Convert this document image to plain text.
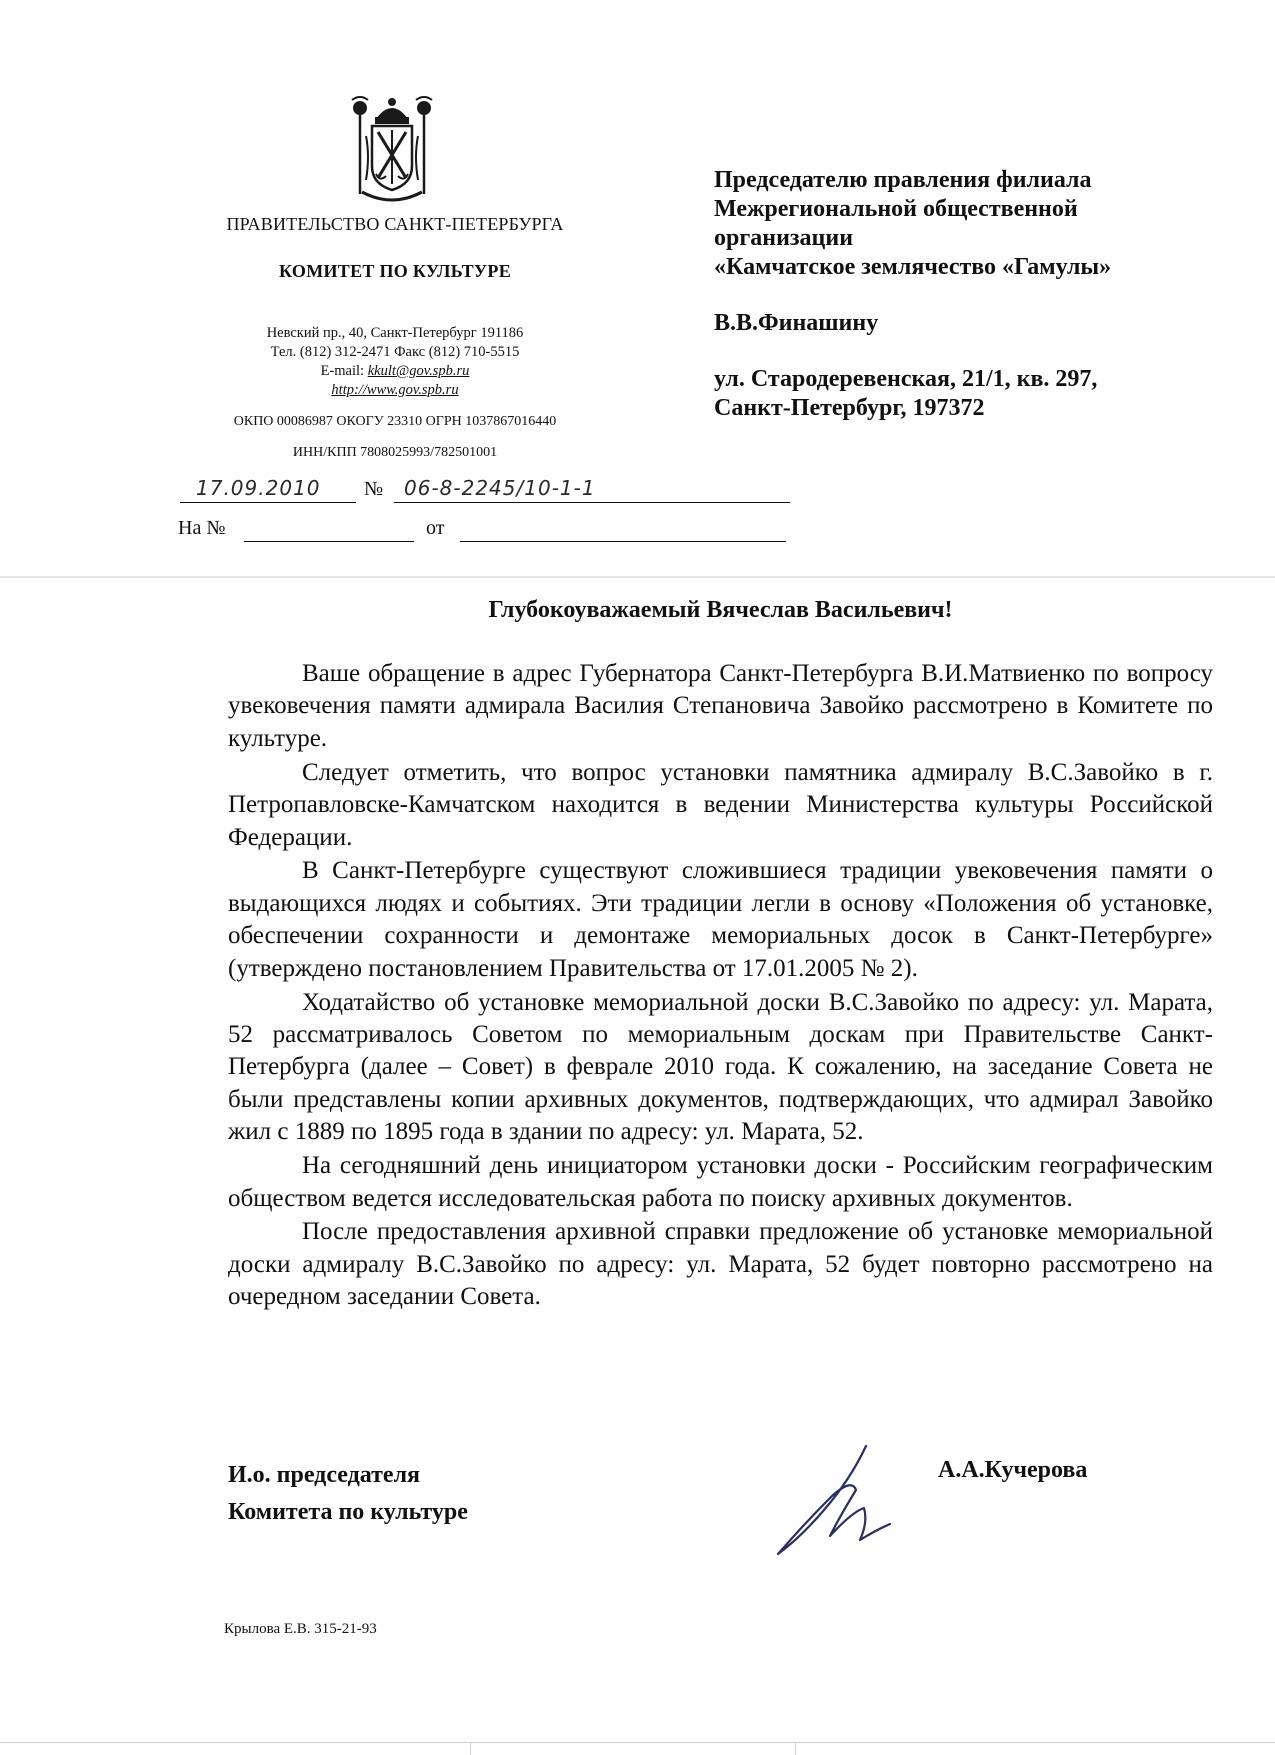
ПРАВИТЕЛЬСТВО САНКТ-ПЕТЕРБУРГА
КОМИТЕТ ПО КУЛЬТУРЕ
Невский пр., 40, Санкт-Петербург 191186
Тел. (812) 312-2471 Факс (812) 710-5515
E-mail: kkult@gov.spb.ru
http://www.gov.spb.ru
ОКПО 00086987 ОКОГУ 23310 ОГРН 1037867016440
ИНН/КПП 7808025993/782501001
17.09.2010 № 06-8-2245/10-1-1
На №	от

Председателю правления филиала

Межрегиональной общественной

организации

«Камчатское землячество «Гамулы»

В.В.Финашину

ул. Стародеревенская, 21/1, кв. 297,

Санкт-Петербург, 197372

Глубокоуважаемый Вячеслав Васильевич!

Ваше обращение в адрес Губернатора Санкт-Петербурга В.И.Матвиенко по вопросу увековечения памяти адмирала Василия Степановича Завойко рассмотрено в Комитете по культуре.

Следует отметить, что вопрос установки памятника адмиралу В.С.Завойко в г. Петропавловске-Камчатском находится в ведении Министерства культуры Российской Федерации.

В Санкт-Петербурге существуют сложившиеся традиции увековечения памяти о выдающихся людях и событиях. Эти традиции легли в основу «Положения об установке, обеспечении сохранности и демонтаже мемориальных досок в Санкт-Петербурге» (утверждено постановлением Правительства от 17.01.2005 № 2).

Ходатайство об установке мемориальной доски В.С.Завойко по адресу: ул. Марата, 52 рассматривалось Советом по мемориальным доскам при Правительстве Санкт-Петербурга (далее – Совет) в феврале 2010 года. К сожалению, на заседание Совета не были представлены копии архивных документов, подтверждающих, что адмирал Завойко жил с 1889 по 1895 года в здании по адресу: ул. Марата, 52.

На сегодняшний день инициатором установки доски - Российским географическим обществом ведется исследовательская работа по поиску архивных документов.

После предоставления архивной справки предложение об установке мемориальной доски адмиралу В.С.Завойко по адресу: ул. Марата, 52 будет повторно рассмотрено на очередном заседании Совета.

И.о. председателя

Комитета по культуре

А.А.Кучерова
Крылова Е.В. 315-21-93
